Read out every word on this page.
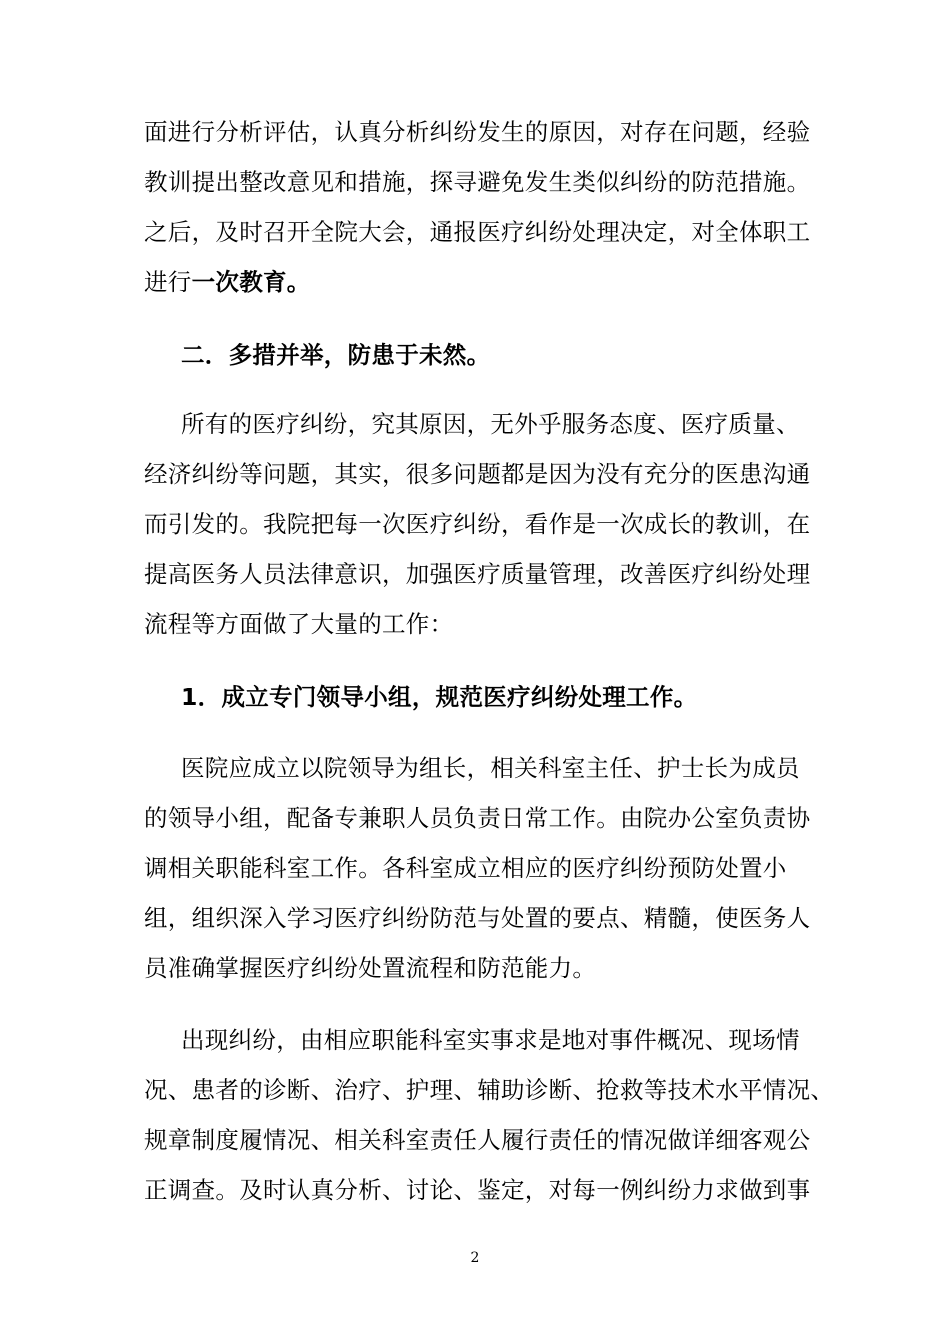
面进行分析评估，认真分析纠纷发生的原因，对存在问题，经验
教训提出整改意见和措施，探寻避免发生类似纠纷的防范措施。
之后，及时召开全院大会，通报医疗纠纷处理决定，对全体职工
进行一次教育。
二．多措并举，防患于未然。
所有的医疗纠纷，究其原因，无外乎服务态度、医疗质量、
经济纠纷等问题，其实，很多问题都是因为没有充分的医患沟通
而引发的。我院把每一次医疗纠纷，看作是一次成长的教训，在
提高医务人员法律意识，加强医疗质量管理，改善医疗纠纷处理
流程等方面做了大量的工作：
1．成立专门领导小组，规范医疗纠纷处理工作。
医院应成立以院领导为组长，相关科室主任、护士长为成员
的领导小组，配备专兼职人员负责日常工作。由院办公室负责协
调相关职能科室工作。各科室成立相应的医疗纠纷预防处置小
组，组织深入学习医疗纠纷防范与处置的要点、精髓，使医务人
员准确掌握医疗纠纷处置流程和防范能力。
出现纠纷，由相应职能科室实事求是地对事件概况、现场情
况、患者的诊断、治疗、护理、辅助诊断、抢救等技术水平情况、
规章制度履情况、相关科室责任人履行责任的情况做详细客观公
正调查。及时认真分析、讨论、鉴定，对每一例纠纷力求做到事
2
